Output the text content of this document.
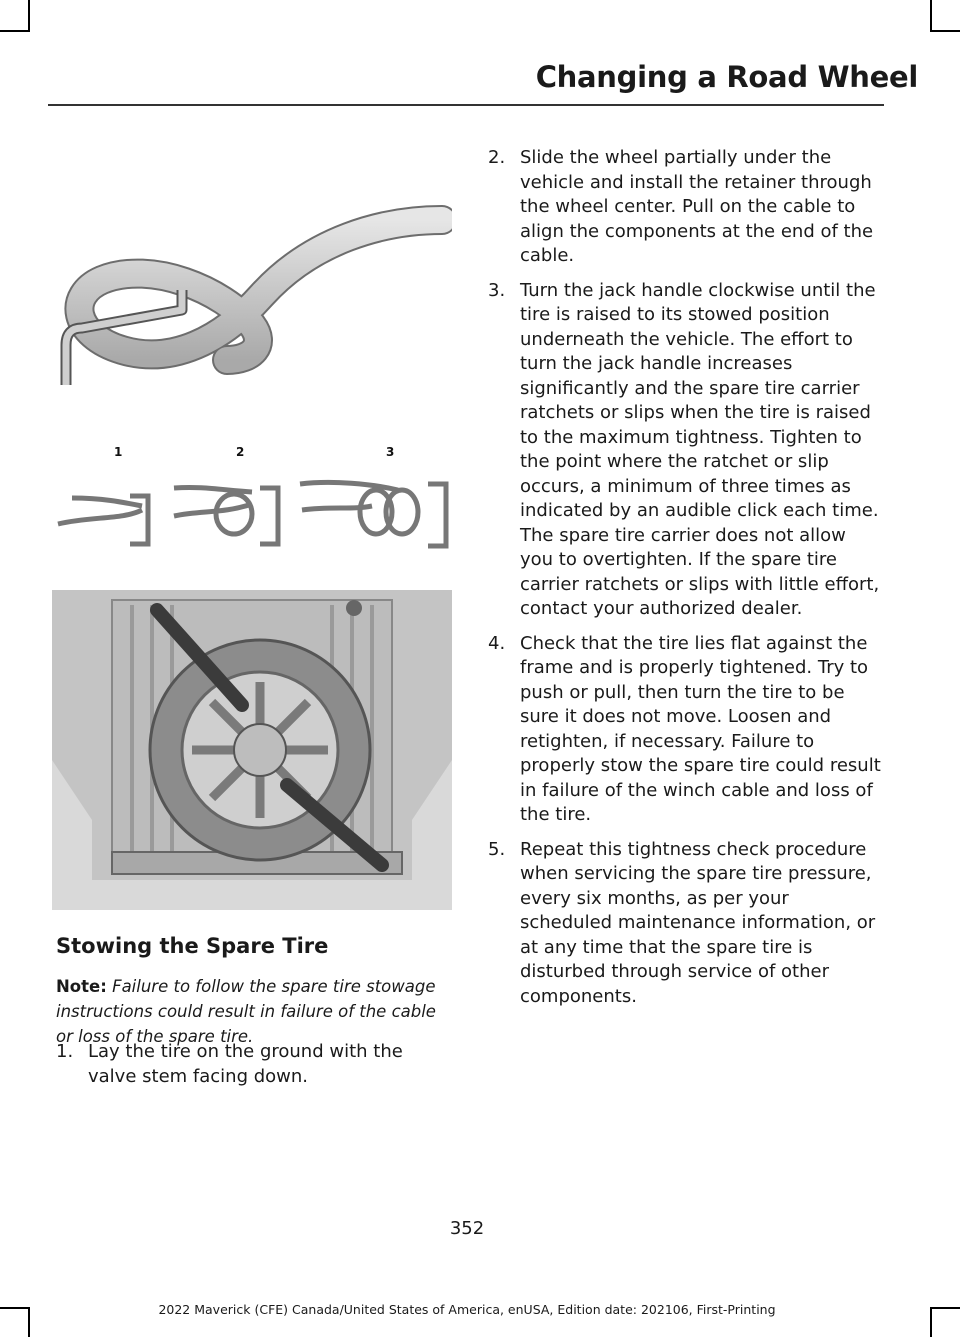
Changing a Road Wheel
1	2	3
Stowing the Spare Tire

Note: Failure to follow the spare tire stowage instructions could result in failure of the cable or loss of the spare tire.

1. Lay the tire on the ground with the valve stem facing down.
2. Slide the wheel partially under the vehicle and install the retainer through the wheel center. Pull on the cable to align the components at the end of the cable.
3. Turn the jack handle clockwise until the tire is raised to its stowed position underneath the vehicle. The effort to turn the jack handle increases significantly and the spare tire carrier ratchets or slips when the tire is raised to the maximum tightness. Tighten to the point where the ratchet or slip occurs, a minimum of three times as indicated by an audible click each time. The spare tire carrier does not allow you to overtighten. If the spare tire carrier ratchets or slips with little effort, contact your authorized dealer.
4. Check that the tire lies flat against the frame and is properly tightened. Try to push or pull, then turn the tire to be sure it does not move. Loosen and retighten, if necessary. Failure to properly stow the spare tire could result in failure of the winch cable and loss of the tire.
5. Repeat this tightness check procedure when servicing the spare tire pressure, every six months, as per your scheduled maintenance information, or at any time that the spare tire is disturbed through service of other components.
352
2022 Maverick (CFE) Canada/United States of America, enUSA, Edition date: 202106, First-Printing
